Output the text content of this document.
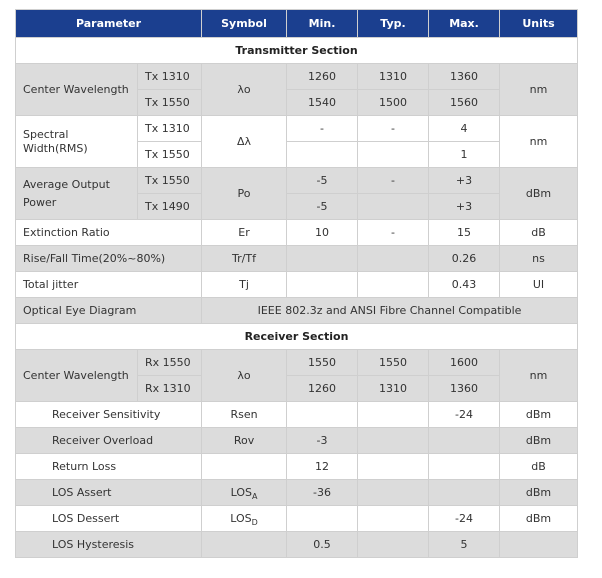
Parameter		Symbol	Min.	Typ.	Max.	Units
Transmitter Section						
Center Wavelength	Tx 1310	λo	1260	1310	1360	nm
	Tx 1550		1540	1500	1560	
Spectral Width(RMS)	Tx 1310	Δλ	-	-	4	nm
	Tx 1550				1	
Average Output Power	Tx 1550	Po	-5	-	+3	dBm
	Tx 1490		-5		+3	
Extinction Ratio		Er	10	-	15	dB
Rise/Fall Time(20%~80%)		Tr/Tf			0.26	ns
Total jitter		Tj			0.43	UI
Optical Eye Diagram		IEEE 802.3z and ANSI Fibre Channel Compatible				
Receiver Section						
Center Wavelength	Rx 1550	λo	1550	1550	1600	nm
	Rx 1310		1260	1310	1360	
Receiver Sensitivity		Rsen			-24	dBm
Receiver Overload		Rov	-3			dBm
Return Loss			12			dB
LOS Assert		$LOS_A$	-36			dBm
LOS Dessert		$LOS_D$			-24	dBm
LOS Hysteresis			0.5		5	
